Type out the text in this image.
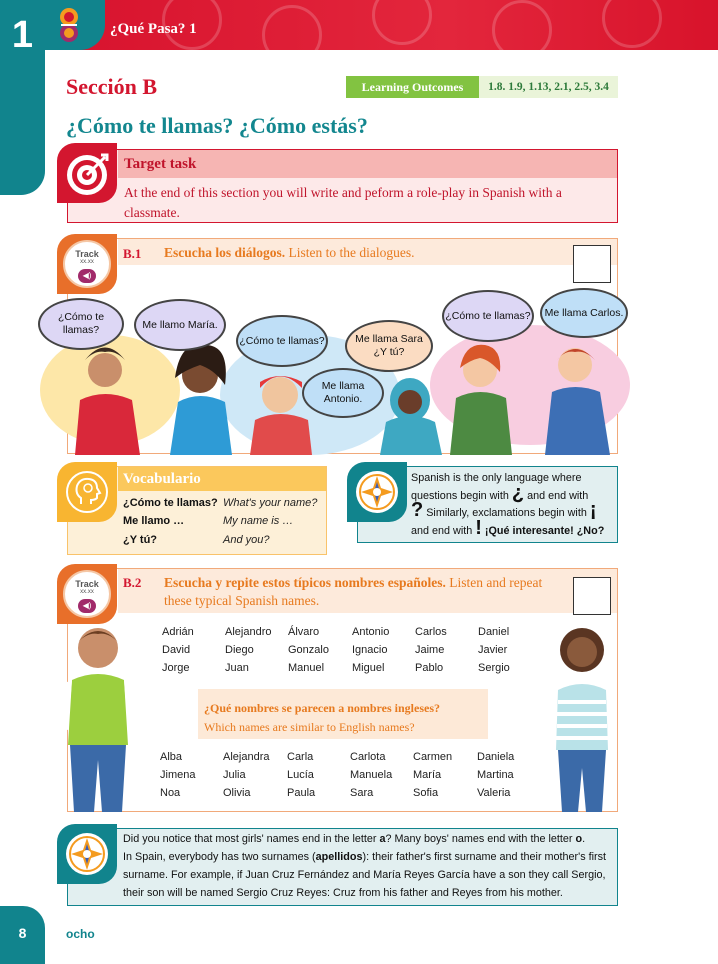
1	¿Qué Pasa? 1
Sección B	Learning Outcomes	1.8. 1.9, 1.13, 2.1, 2.5, 3.4
¿Cómo te llamas? ¿Cómo estás?
Target task
At the end of this section you will write and peform a role-play in Spanish with a classmate.
Track
xx.xx
◀)
B.1 Escucha los diálogos. Listen to the dialogues.
¿Cómo te llamas?	Me llamo María.
¿Cómo te llamas?	Me llama Sara
¿Y tú?
Me llama
Antonio.
¿Cómo te llamas?	Me llama Carlos.
Vocabulario
¿Cómo te llamas? What's your name?
Me llamo …	My name is …
¿Y tú?	And you?
Spanish is the only language where
questions begin with ¿ and end with
? Similarly, exclamations begin with ¡
and end with ! ¡Qué interesante! ¿No?
Track
xx.xx
◀)
B.2 Escucha y repite estos típicos nombres españoles. Listen and repeat these typical Spanish names.
Adrián	Alejandro Álvaro	Antonio Carlos	Daniel
David	Diego	Gonzalo Ignacio	Jaime	Javier
Jorge	Juan	Manuel	Miguel	Pablo	Sergio
¿Qué nombres se parecen a nombres ingleses?
Which names are similar to English names?
Alba	Alejandra Carla	Carlota	Carmen Daniela
Jimena	Julia	Lucía	Manuela María	Martina
Noa	Olivia	Paula	Sara	Sofia	Valeria
Did you notice that most girls' names end in the letter a? Many boys' names end with the letter o.
In Spain, everybody has two surnames (apellidos): their father's first surname and their mother's first surname. For example, if Juan Cruz Fernández and María Reyes García have a son they call Sergio, their son will be named Sergio Cruz Reyes: Cruz from his father and Reyes from his mother.
8	ocho
